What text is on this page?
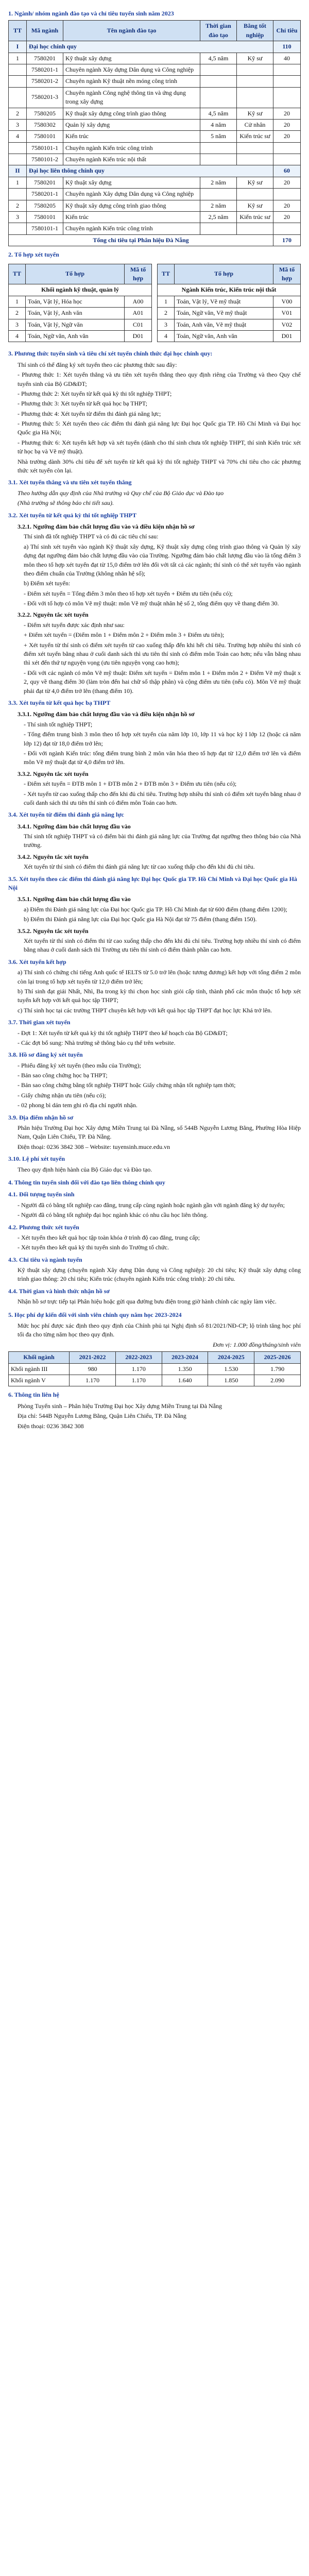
1. Ngành/ nhóm ngành đào tạo và chỉ tiêu tuyển sinh năm 2023
TT	Mã ngành	Tên ngành đào tạo	Thời gian đào tạo	Bằng tốt nghiệp	Chỉ tiêu
I	Đại học chính quy				110
1	7580201	Kỹ thuật xây dựng	4,5 năm	Kỹ sư	40
	7580201-1	Chuyên ngành Xây dựng Dân dụng và Công nghiệp			
	7580201-2	Chuyên ngành Kỹ thuật nền móng công trình			
	7580201-3	Chuyên ngành Công nghệ thông tin và ứng dụng trong xây dựng			
2	7580205	Kỹ thuật xây dựng công trình giao thông	4,5 năm	Kỹ sư	20
3	7580302	Quản lý xây dựng	4 năm	Cử nhân	20
4	7580101	Kiến trúc	5 năm	Kiến trúc sư	20
	7580101-1	Chuyên ngành Kiến trúc công trình			
	7580101-2	Chuyên ngành Kiến trúc nội thất			
II	Đại học liên thông chính quy				60
1	7580201	Kỹ thuật xây dựng	2 năm	Kỹ sư	20
	7580201-1	Chuyên ngành Xây dựng Dân dụng và Công nghiệp			
2	7580205	Kỹ thuật xây dựng công trình giao thông	2 năm	Kỹ sư	20
3	7580101	Kiến trúc	2,5 năm	Kiến trúc sư	20
	7580101-1	Chuyên ngành Kiến trúc công trình			
Tổng chỉ tiêu tại Phân hiệu Đà Nẵng					170
2. Tổ hợp xét tuyển
TT	Tổ hợp	Mã tổ hợp
Khối ngành kỹ thuật, quản lý		
1	Toán, Vật lý, Hóa học	A00
2	Toán, Vật lý, Anh văn	A01
3	Toán, Vật lý, Ngữ văn	C01
4	Toán, Ngữ văn, Anh văn	D01
TT	Tổ hợp	Mã tổ hợp
Ngành Kiến trúc, Kiến trúc nội thất		
1	Toán, Vật lý, Vẽ mỹ thuật	V00
2	Toán, Ngữ văn, Vẽ mỹ thuật	V01
3	Toán, Anh văn, Vẽ mỹ thuật	V02
4	Toán, Ngữ văn, Anh văn	D01
3. Phương thức tuyển sinh và tiêu chí xét tuyển chính thức đại học chính quy:

Thí sinh có thể đăng ký xét tuyển theo các phương thức sau đây:

- Phương thức 1: Xét tuyển thẳng và ưu tiên xét tuyển thẳng theo quy định riêng của Trường và theo Quy chế tuyển sinh của Bộ GD&ĐT;

- Phương thức 2: Xét tuyển từ kết quả kỳ thi tốt nghiệp THPT;

- Phương thức 3: Xét tuyển từ kết quả học bạ THPT;

- Phương thức 4: Xét tuyển từ điểm thi đánh giá năng lực;

- Phương thức 5: Xét tuyển theo các điểm thi đánh giá năng lực Đại học Quốc gia TP. Hồ Chí Minh và Đại học Quốc gia Hà Nội;

- Phương thức 6: Xét tuyển kết hợp và xét tuyển (dành cho thí sinh chưa tốt nghiệp THPT, thí sinh Kiến trúc xét từ học bạ và Vẽ mỹ thuật).

Nhà trường dành 30% chỉ tiêu để xét tuyển từ kết quả kỳ thi tốt nghiệp THPT và 70% chỉ tiêu cho các phương thức xét tuyển còn lại.

3.1. Xét tuyển thẳng và ưu tiên xét tuyển thẳng

Theo hướng dẫn quy định của Nhà trường và Quy chế của Bộ Giáo dục và Đào tạo

(Nhà trường sẽ thông báo chi tiết sau).

3.2. Xét tuyển từ kết quả kỳ thi tốt nghiệp THPT
3.2.1. Ngưỡng đảm bảo chất lượng đầu vào và điều kiện nhận hồ sơ

Thí sinh đã tốt nghiệp THPT và có đủ các tiêu chí sau:

a) Thí sinh xét tuyển vào ngành Kỹ thuật xây dựng, Kỹ thuật xây dựng công trình giao thông và Quản lý xây dựng đạt ngưỡng đảm bảo chất lượng đầu vào của Trường. Ngưỡng đảm bảo chất lượng đầu vào là tổng điểm 3 môn theo tổ hợp xét tuyển đạt từ 15,0 điểm trở lên đối với tất cả các ngành; thí sinh có thể xét tuyển vào ngành theo điểm chuẩn của Trường (không nhân hệ số);

b) Điểm xét tuyển:

- Điểm xét tuyển = Tổng điểm 3 môn theo tổ hợp xét tuyển + Điểm ưu tiên (nếu có);

- Đối với tổ hợp có môn Vẽ mỹ thuật: môn Vẽ mỹ thuật nhân hệ số 2, tổng điểm quy về thang điểm 30.

3.2.2. Nguyên tắc xét tuyển

- Điểm xét tuyển được xác định như sau:

+ Điểm xét tuyển = (Điểm môn 1 + Điểm môn 2 + Điểm môn 3 + Điểm ưu tiên);

+ Xét tuyển từ thí sinh có điểm xét tuyển từ cao xuống thấp đến khi hết chỉ tiêu. Trường hợp nhiều thí sinh có điểm xét tuyển bằng nhau ở cuối danh sách thì ưu tiên thí sinh có điểm môn Toán cao hơn; nếu vẫn bằng nhau thì xét đến thứ tự nguyện vọng (ưu tiên nguyện vọng cao hơn);

- Đối với các ngành có môn Vẽ mỹ thuật: Điểm xét tuyển = Điểm môn 1 + Điểm môn 2 + Điểm Vẽ mỹ thuật x 2, quy về thang điểm 30 (làm tròn đến hai chữ số thập phân) và cộng điểm ưu tiên (nếu có). Môn Vẽ mỹ thuật phải đạt từ 4,0 điểm trở lên (thang điểm 10).

3.3. Xét tuyển từ kết quả học bạ THPT
3.3.1. Ngưỡng đảm bảo chất lượng đầu vào và điều kiện nhận hồ sơ

- Thí sinh tốt nghiệp THPT;

- Tổng điểm trung bình 3 môn theo tổ hợp xét tuyển của năm lớp 10, lớp 11 và học kỳ I lớp 12 (hoặc cả năm lớp 12) đạt từ 18,0 điểm trở lên;

- Đối với ngành Kiến trúc: tổng điểm trung bình 2 môn văn hóa theo tổ hợp đạt từ 12,0 điểm trở lên và điểm môn Vẽ mỹ thuật đạt từ 4,0 điểm trở lên.

3.3.2. Nguyên tắc xét tuyển

- Điểm xét tuyển = ĐTB môn 1 + ĐTB môn 2 + ĐTB môn 3 + Điểm ưu tiên (nếu có);

- Xét tuyển từ cao xuống thấp cho đến khi đủ chỉ tiêu. Trường hợp nhiều thí sinh có điểm xét tuyển bằng nhau ở cuối danh sách thì ưu tiên thí sinh có điểm môn Toán cao hơn.

3.4. Xét tuyển từ điểm thi đánh giá năng lực
3.4.1. Ngưỡng đảm bảo chất lượng đầu vào

Thí sinh tốt nghiệp THPT và có điểm bài thi đánh giá năng lực của Trường đạt ngưỡng theo thông báo của Nhà trường.

3.4.2. Nguyên tắc xét tuyển

Xét tuyển từ thí sinh có điểm thi đánh giá năng lực từ cao xuống thấp cho đến khi đủ chỉ tiêu.

3.5. Xét tuyển theo các điểm thi đánh giá năng lực Đại học Quốc gia TP. Hồ Chí Minh và Đại học Quốc gia Hà Nội
3.5.1. Ngưỡng đảm bảo chất lượng đầu vào

a) Điểm thi Đánh giá năng lực của Đại học Quốc gia TP. Hồ Chí Minh đạt từ 600 điểm (thang điểm 1200);

b) Điểm thi Đánh giá năng lực của Đại học Quốc gia Hà Nội đạt từ 75 điểm (thang điểm 150).

3.5.2. Nguyên tắc xét tuyển

Xét tuyển từ thí sinh có điểm thi từ cao xuống thấp cho đến khi đủ chỉ tiêu. Trường hợp nhiều thí sinh có điểm bằng nhau ở cuối danh sách thì Trường ưu tiên thí sinh có điểm thành phần cao hơn.

3.6. Xét tuyển kết hợp

a) Thí sinh có chứng chỉ tiếng Anh quốc tế IELTS từ 5.0 trở lên (hoặc tương đương) kết hợp với tổng điểm 2 môn còn lại trong tổ hợp xét tuyển từ 12,0 điểm trở lên;

b) Thí sinh đạt giải Nhất, Nhì, Ba trong kỳ thi chọn học sinh giỏi cấp tỉnh, thành phố các môn thuộc tổ hợp xét tuyển kết hợp với kết quả học tập THPT;

c) Thí sinh học tại các trường THPT chuyên kết hợp với kết quả học tập THPT đạt học lực Khá trở lên.

3.7. Thời gian xét tuyển

- Đợt 1: Xét tuyển từ kết quả kỳ thi tốt nghiệp THPT theo kế hoạch của Bộ GD&ĐT;

- Các đợt bổ sung: Nhà trường sẽ thông báo cụ thể trên website.

3.8. Hồ sơ đăng ký xét tuyển

- Phiếu đăng ký xét tuyển (theo mẫu của Trường);

- Bản sao công chứng học bạ THPT;

- Bản sao công chứng bằng tốt nghiệp THPT hoặc Giấy chứng nhận tốt nghiệp tạm thời;

- Giấy chứng nhận ưu tiên (nếu có);

- 02 phong bì dán tem ghi rõ địa chỉ người nhận.

3.9. Địa điểm nhận hồ sơ

Phân hiệu Trường Đại học Xây dựng Miền Trung tại Đà Nẵng, số 544B Nguyễn Lương Bằng, Phường Hòa Hiệp Nam, Quận Liên Chiểu, TP. Đà Nẵng.

Điện thoại: 0236 3842 308 – Website: tuyensinh.muce.edu.vn

3.10. Lệ phí xét tuyển

Theo quy định hiện hành của Bộ Giáo dục và Đào tạo.

4. Thông tin tuyển sinh đối với đào tạo liên thông chính quy
4.1. Đối tượng tuyển sinh

- Người đã có bằng tốt nghiệp cao đẳng, trung cấp cùng ngành hoặc ngành gần với ngành đăng ký dự tuyển;

- Người đã có bằng tốt nghiệp đại học ngành khác có nhu cầu học liên thông.

4.2. Phương thức xét tuyển

- Xét tuyển theo kết quả học tập toàn khóa ở trình độ cao đẳng, trung cấp;

- Xét tuyển theo kết quả kỳ thi tuyển sinh do Trường tổ chức.

4.3. Chỉ tiêu và ngành tuyển

Kỹ thuật xây dựng (chuyên ngành Xây dựng Dân dụng và Công nghiệp): 20 chỉ tiêu; Kỹ thuật xây dựng công trình giao thông: 20 chỉ tiêu; Kiến trúc (chuyên ngành Kiến trúc công trình): 20 chỉ tiêu.

4.4. Thời gian và hình thức nhận hồ sơ

Nhận hồ sơ trực tiếp tại Phân hiệu hoặc gửi qua đường bưu điện trong giờ hành chính các ngày làm việc.

5. Học phí dự kiến đối với sinh viên chính quy năm học 2023-2024

Mức học phí được xác định theo quy định của Chính phủ tại Nghị định số 81/2021/NĐ-CP; lộ trình tăng học phí tối đa cho từng năm học theo quy định.

Đơn vị: 1.000 đồng/tháng/sinh viên

Khối ngành	2021-2022	2022-2023	2023-2024	2024-2025	2025-2026
Khối ngành III	980	1.170	1.350	1.530	1.790
Khối ngành V	1.170	1.170	1.640	1.850	2.090
6. Thông tin liên hệ

Phòng Tuyển sinh – Phân hiệu Trường Đại học Xây dựng Miền Trung tại Đà Nẵng

Địa chỉ: 544B Nguyễn Lương Bằng, Quận Liên Chiểu, TP. Đà Nẵng

Điện thoại: 0236 3842 308
